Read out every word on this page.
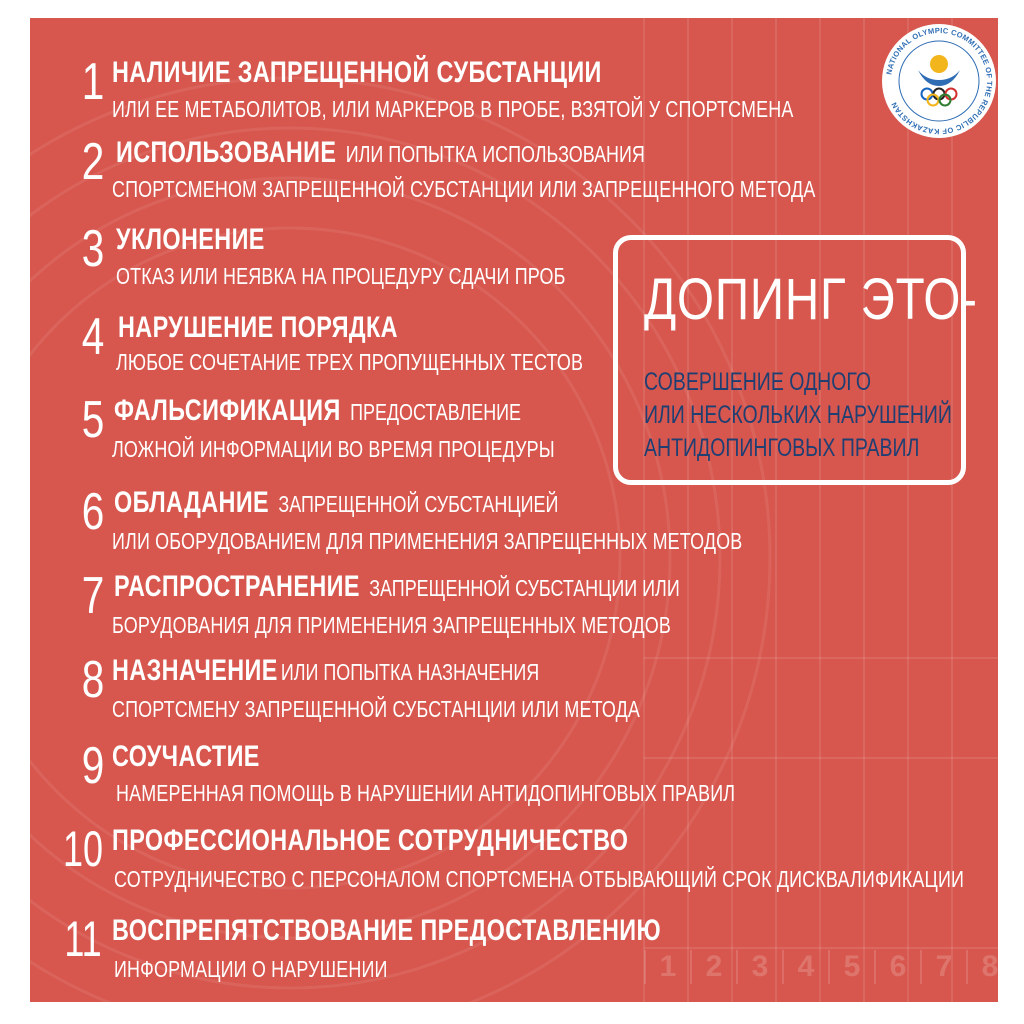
1 НАЛИЧИЕ ЗАПРЕЩЕННОЙ СУБСТАНЦИИ
ИЛИ ЕЕ МЕТАБОЛИТОВ, ИЛИ МАРКЕРОВ В ПРОБЕ, ВЗЯТОЙ У СПОРТСМЕНА
2 ИСПОЛЬЗОВАНИЕ ИЛИ ПОПЫТКА ИСПОЛЬЗОВАНИЯ
СПОРТСМЕНОМ ЗАПРЕЩЕННОЙ СУБСТАНЦИИ ИЛИ ЗАПРЕЩЕННОГО МЕТОДА
3 УКЛОНЕНИЕ
ОТКАЗ ИЛИ НЕЯВКА НА ПРОЦЕДУРУ СДАЧИ ПРОБ
4 НАРУШЕНИЕ ПОРЯДКА
ЛЮБОЕ СОЧЕТАНИЕ ТРЕХ ПРОПУЩЕННЫХ ТЕСТОВ
5 ФАЛЬСИФИКАЦИЯ ПРЕДОСТАВЛЕНИЕ
ЛОЖНОЙ ИНФОРМАЦИИ ВО ВРЕМЯ ПРОЦЕДУРЫ
6 ОБЛАДАНИЕ ЗАПРЕЩЕННОЙ СУБСТАНЦИЕЙ
ИЛИ ОБОРУДОВАНИЕМ ДЛЯ ПРИМЕНЕНИЯ ЗАПРЕЩЕННЫХ МЕТОДОВ
7 РАСПРОСТРАНЕНИЕ ЗАПРЕЩЕННОЙ СУБСТАНЦИИ ИЛИ
БОРУДОВАНИЯ ДЛЯ ПРИМЕНЕНИЯ ЗАПРЕЩЕННЫХ МЕТОДОВ
8 НАЗНАЧЕНИЕ ИЛИ ПОПЫТКА НАЗНАЧЕНИЯ
СПОРТСМЕНУ ЗАПРЕЩЕННОЙ СУБСТАНЦИИ ИЛИ МЕТОДА
9 СОУЧАСТИЕ
НАМЕРЕННАЯ ПОМОЩЬ В НАРУШЕНИИ АНТИДОПИНГОВЫХ ПРАВИЛ
10 ПРОФЕССИОНАЛЬНОЕ СОТРУДНИЧЕСТВО
СОТРУДНИЧЕСТВО С ПЕРСОНАЛОМ СПОРТСМЕНА ОТБЫВАЮЩИЙ СРОК ДИСКВАЛИФИКАЦИИ
11 ВОСПРЕПЯТСТВОВАНИЕ ПРЕДОСТАВЛЕНИЮ
ИНФОРМАЦИИ О НАРУШЕНИИ
ДОПИНГ ЭТО-
СОВЕРШЕНИЕ ОДНОГО
ИЛИ НЕСКОЛЬКИХ НАРУШЕНИЙ
АНТИДОПИНГОВЫХ ПРАВИЛ
NATIONAL OLYMPIC COMMITTEE OF THE REPUBLIC OF KAZAKHSTAN
1 2 3 4 5 6 7 8
